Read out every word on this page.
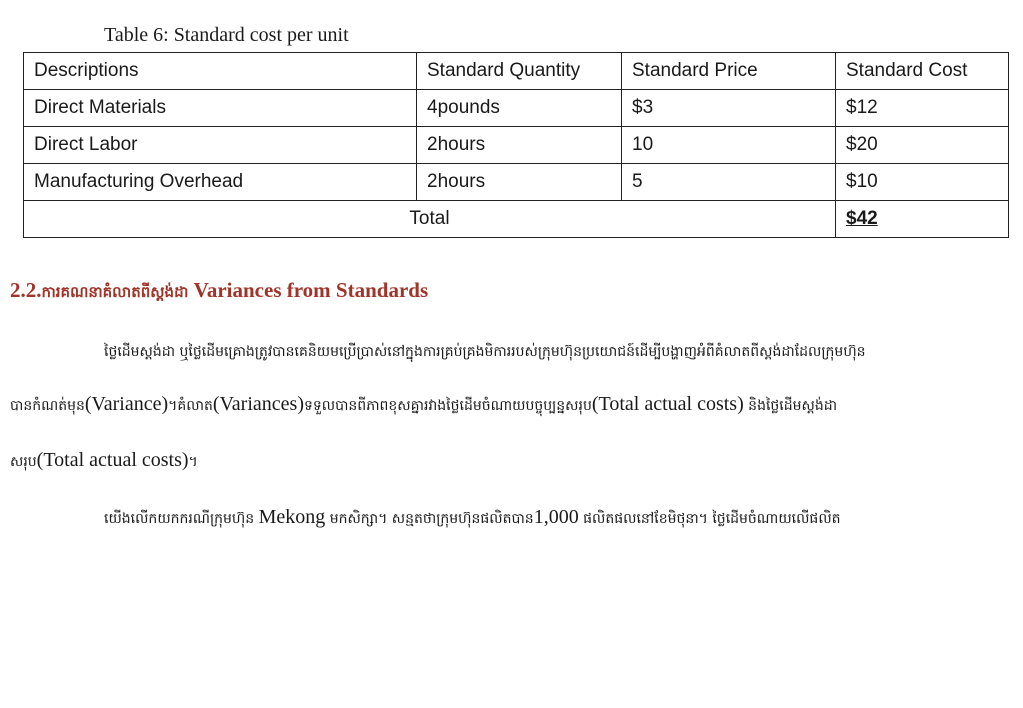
Table 6: Standard cost per unit
Descriptions	Standard Quantity	Standard Price	Standard Cost
Direct Materials	4pounds	$3	$12
Direct Labor	2hours	10	$20
Manufacturing Overhead	2hours	5	$10
Total			$42
2.2.ការគណនាគំលាតពីស្តង់ដា Variances from Standards
ថ្លៃដើមស្តង់ដា ឬថ្លៃដើមគ្រោងត្រូវបានគេនិយមប្រើប្រាស់នៅក្នុងការគ្រប់គ្រងមិការរបស់ក្រុមហ៊ុនប្រយោជន៍ដើម្បីបង្ហាញអំពីគំលាតពីស្តង់ដាដែលក្រុមហ៊ុន
បានកំណត់មុន(Variance)។គំលាត(Variances)ទទួលបានពីភាពខុសគ្នារវាងថ្លៃដើមចំណាយបច្ចុប្បន្នសរុប(Total actual costs) និងថ្លៃដើមស្តង់ដា
សរុប(Total actual costs)។
យើងលើកយកករណីក្រុមហ៊ុន Mekong មកសិក្សា។ សន្មតថាក្រុមហ៊ុនផលិតបាន1,000 ផលិតផលនៅខែមិថុនា។ ថ្លៃដើមចំណាយលើផលិត
